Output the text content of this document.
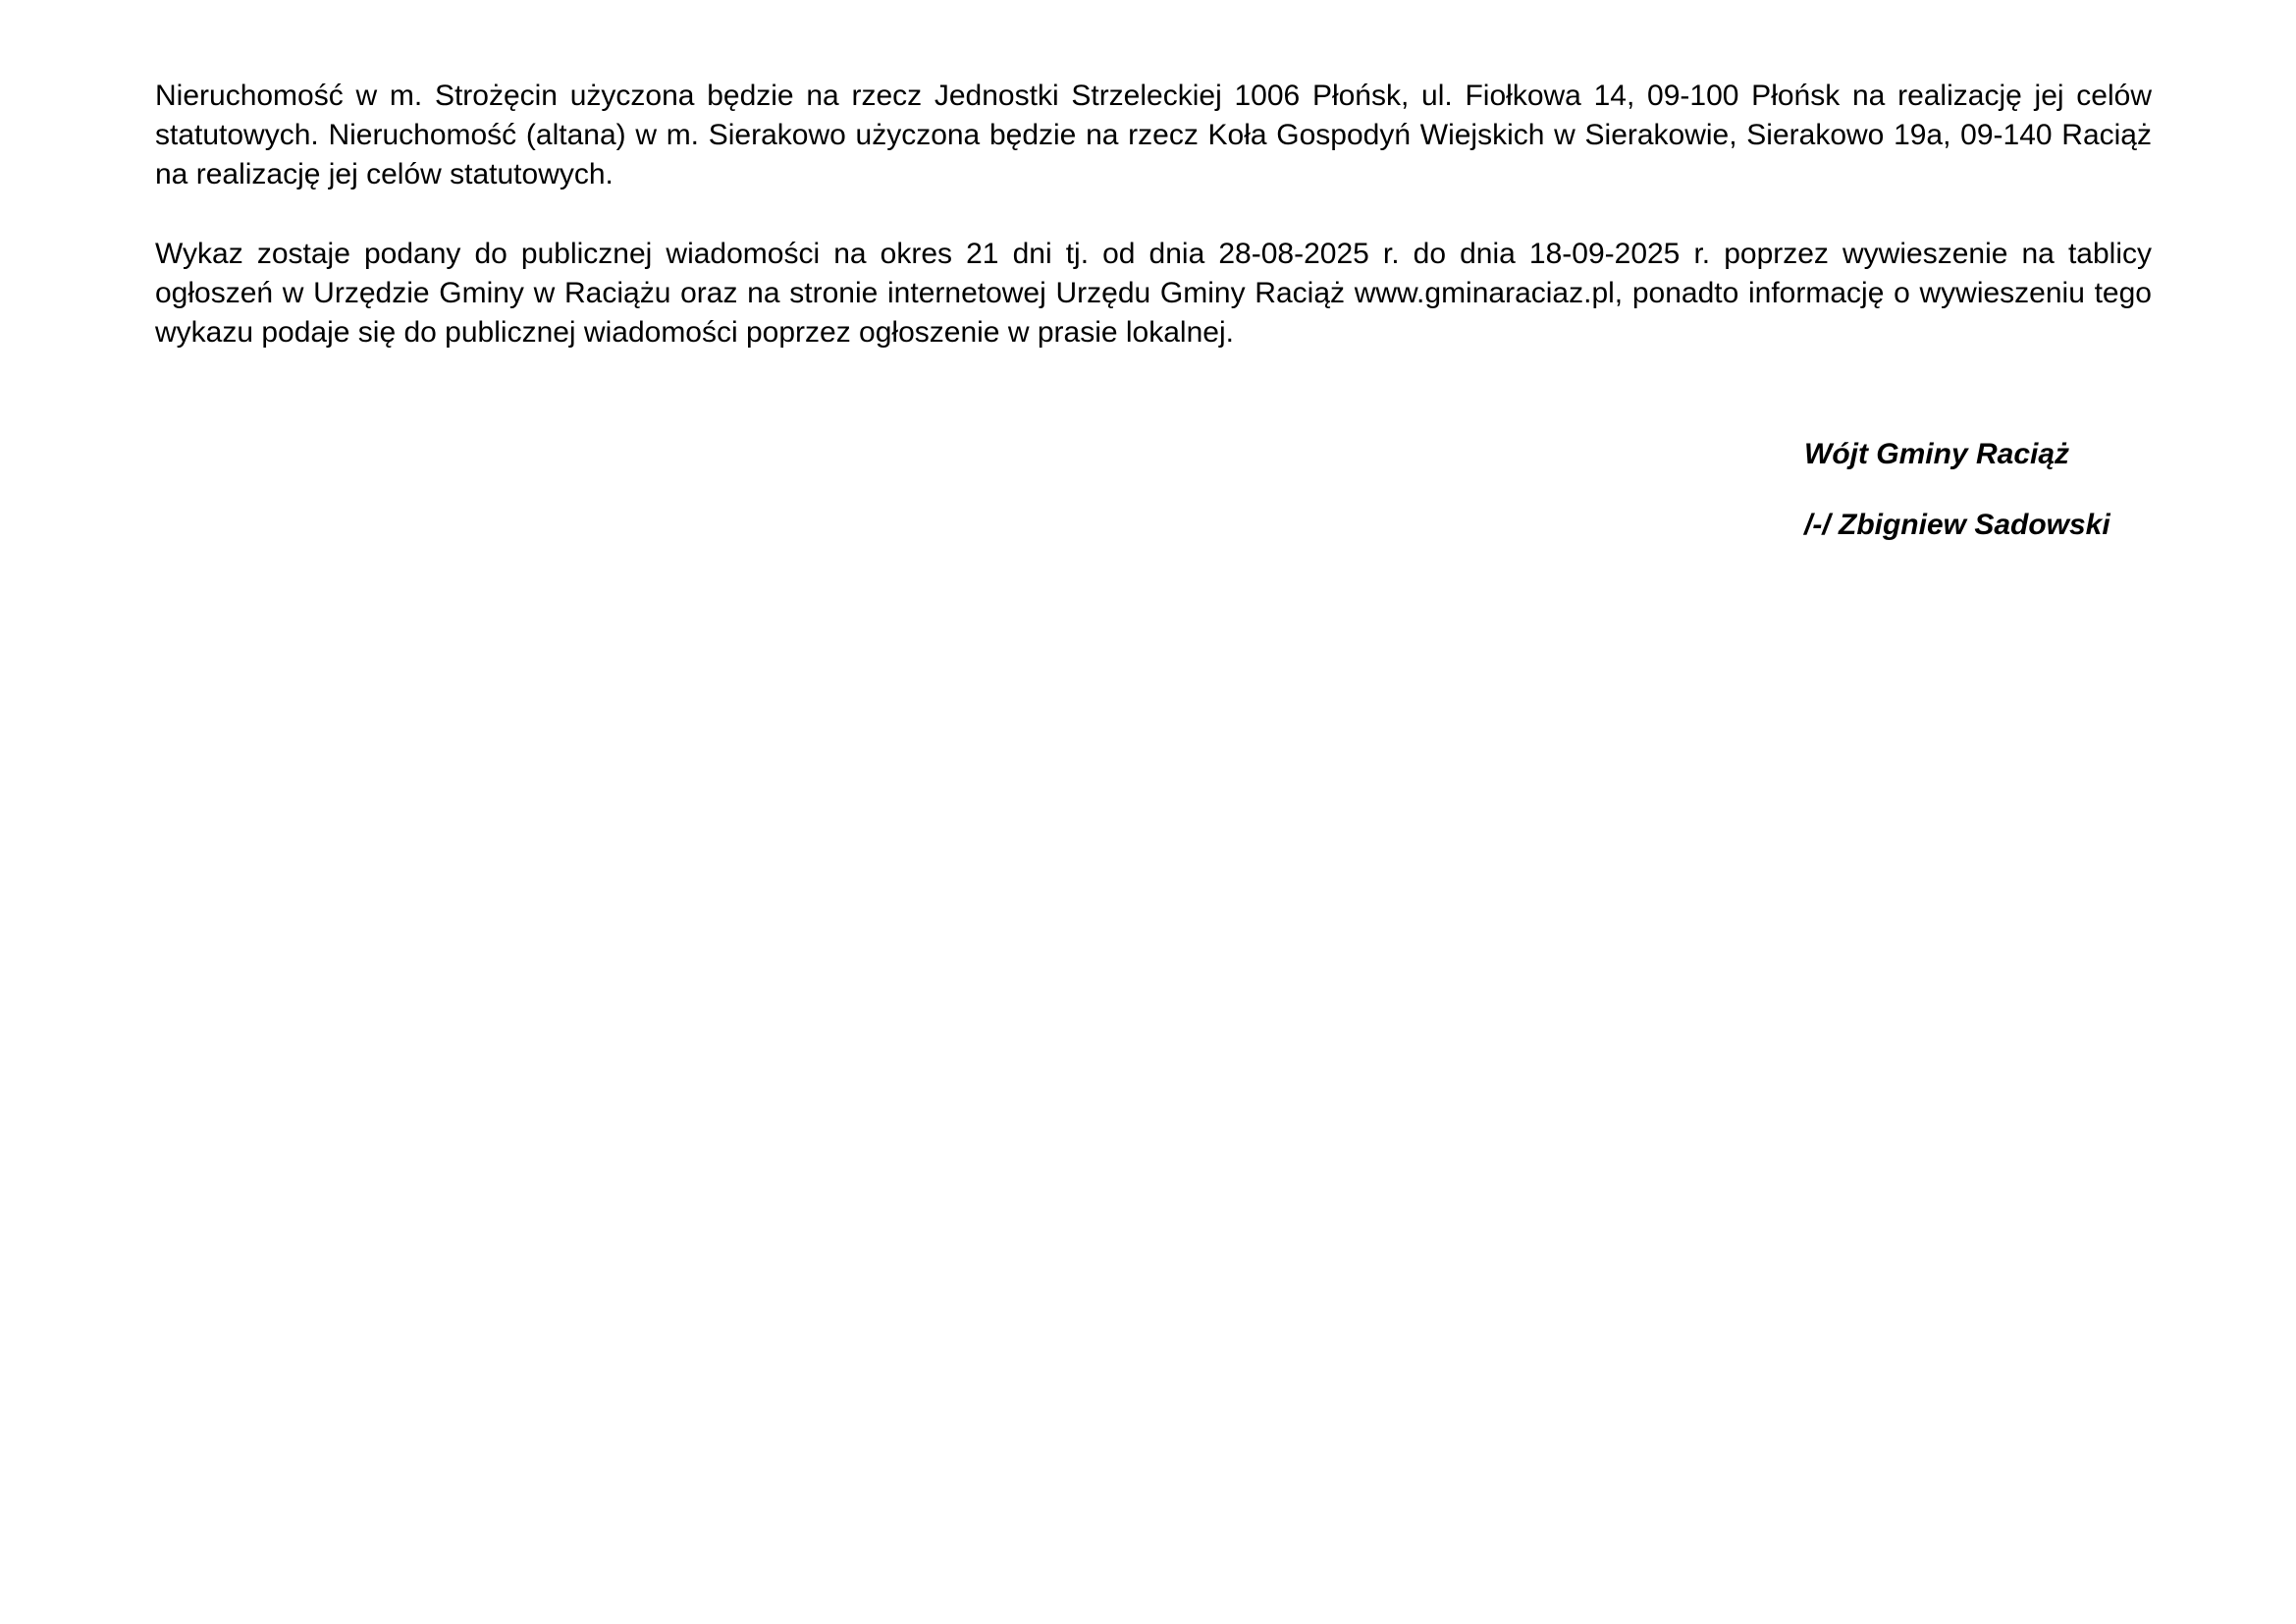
Nieruchomość w m. Strożęcin użyczona będzie na rzecz Jednostki Strzeleckiej 1006 Płońsk, ul. Fiołkowa 14, 09-100 Płońsk na realizację jej celów statutowych. Nieruchomość (altana) w m. Sierakowo użyczona będzie na rzecz Koła Gospodyń Wiejskich w Sierakowie, Sierakowo 19a, 09-140 Raciąż na realizację jej celów statutowych.

Wykaz zostaje podany do publicznej wiadomości na okres 21 dni tj. od dnia 28-08-2025 r. do dnia 18-09-2025 r. poprzez wywieszenie na tablicy ogłoszeń w Urzędzie Gminy w Raciążu oraz na stronie internetowej Urzędu Gminy Raciąż www.gminaraciaz.pl, ponadto informację o wywieszeniu tego wykazu podaje się do publicznej wiadomości poprzez ogłoszenie w prasie lokalnej.

Wójt Gminy Raciąż

/-/ Zbigniew Sadowski
